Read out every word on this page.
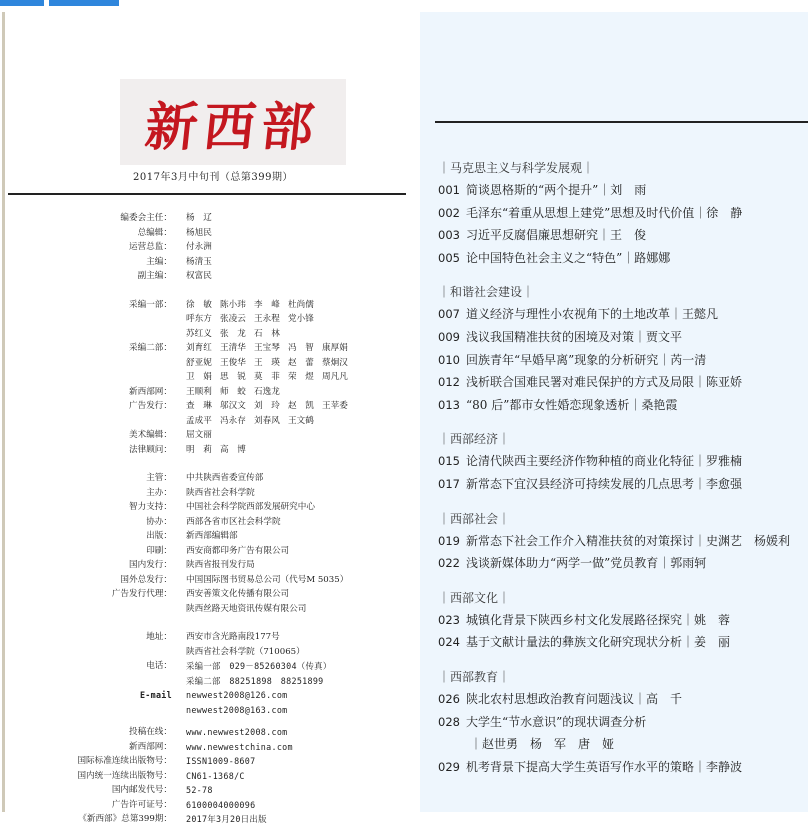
新西部
2017年3月中旬刊（总第399期）
编委会主任：	杨　辽
总编辑：	杨旭民
运营总监：	付永洲
主编：	杨清玉
副主编：	权富民
采编一部：	徐　敏 陈小玮 李　峰 杜尚儒
呼东方 张凌云 王永程 党小锋
苏红义 张　龙 石　林
采编二部：	刘育红 王清华 王宝琴 冯　智 康厚娟
舒亚妮 王俊华 王　瑛 赵　蕾 蔡炯汉
卫　娟 思　锐 莫　菲 荣　煜 周凡凡
新西部网：	王顺利 师　蛟 石逸龙
广告发行：	查　琳 邬汉文 刘　玲 赵　凯 王苹委
孟成平 冯永存 刘春风 王文鹤
美术编辑：	屈文丽
法律顾问：	明　莉 高　博
主管：	中共陕西省委宣传部
主办：	陕西省社会科学院
智力支持：	中国社会科学院西部发展研究中心
协办：	西部各省市区社会科学院
出版：	新西部编辑部
印刷：	西安商都印务广告有限公司
国内发行：	陕西省报刊发行局
国外总发行：	中国国际图书贸易总公司（代号M 5035）
广告发行代理：	西安善策文化传播有限公司
陕西丝路天地资讯传媒有限公司
地址：	西安市含光路南段177号
陕西省社会科学院（710065）
电话：	采编一部　029－85260304（传真）
采编二部　88251898　88251899
E-mail	newwest2008@126.com
newwest2008@163.com
投稿在线：	www.newwest2008.com
新西部网：	www.newwestchina.com
国际标准连续出版物号：	ISSN1009-8607
国内统一连续出版物号：	CN61-1368/C
国内邮发代号：	52-78
广告许可证号：	6100004000096
《新西部》总第399期：	2017年3月20日出版
｜马克思主义与科学发展观｜
001 简谈恩格斯的“两个提升”｜刘　雨
002 毛泽东“着重从思想上建党”思想及时代价值｜徐　静
003 习近平反腐倡廉思想研究｜王　俊
005 论中国特色社会主义之“特色”｜路娜娜
｜和谐社会建设｜
007 道义经济与理性小农视角下的土地改革｜王懿凡
009 浅议我国精准扶贫的困境及对策｜贾文平
010 回族青年“早婚早离”现象的分析研究｜芮一清
012 浅析联合国难民署对难民保护的方式及局限｜陈亚娇
013 “80 后”都市女性婚恋现象透析｜桑艳霞
｜西部经济｜
015 论清代陕西主要经济作物种植的商业化特征｜罗雅楠
017 新常态下宜汉县经济可持续发展的几点思考｜李愈强
｜西部社会｜
019 新常态下社会工作介入精准扶贫的对策探讨｜史渊艺　杨媛利
022 浅谈新媒体助力“两学一做”党员教育｜郭雨轲
｜西部文化｜
023 城镇化背景下陕西乡村文化发展路径探究｜姚　蓉
024 基于文献计量法的彝族文化研究现状分析｜姜　丽
｜西部教育｜
026 陕北农村思想政治教育问题浅议｜高　千
028 大学生“节水意识”的现状调查分析
｜赵世勇　杨　军　唐　娅
029 机考背景下提高大学生英语写作水平的策略｜李静波
